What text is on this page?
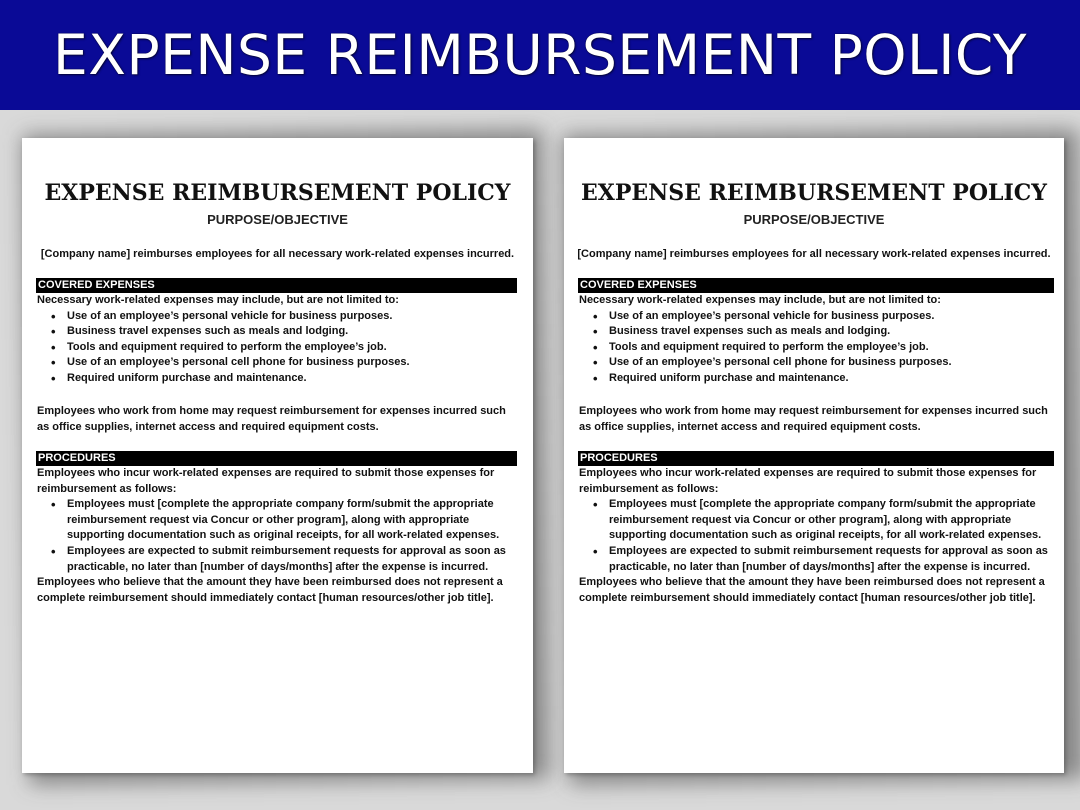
EXPENSE REIMBURSEMENT POLICY
EXPENSE REIMBURSEMENT POLICY
PURPOSE/OBJECTIVE
[Company name] reimburses employees for all necessary work-related expenses incurred.
COVERED EXPENSES

Necessary work-related expenses may include, but are not limited to:

• Use of an employee’s personal vehicle for business purposes.
• Business travel expenses such as meals and lodging.
• Tools and equipment required to perform the employee’s job.
• Use of an employee’s personal cell phone for business purposes.
• Required uniform purchase and maintenance.

Employees who work from home may request reimbursement for expenses incurred such

as office supplies, internet access and required equipment costs.

PROCEDURES

Employees who incur work-related expenses are required to submit those expenses for

reimbursement as follows:

• Employees must [complete the appropriate company form/submit the appropriate
reimbursement request via Concur or other program], along with appropriate
supporting documentation such as original receipts, for all work-related expenses.
• Employees are expected to submit reimbursement requests for approval as soon as
practicable, no later than [number of days/months] after the expense is incurred.

Employees who believe that the amount they have been reimbursed does not represent a

complete reimbursement should immediately contact [human resources/other job title].

EXPENSE REIMBURSEMENT POLICY
PURPOSE/OBJECTIVE
[Company name] reimburses employees for all necessary work-related expenses incurred.
COVERED EXPENSES

Necessary work-related expenses may include, but are not limited to:

• Use of an employee’s personal vehicle for business purposes.
• Business travel expenses such as meals and lodging.
• Tools and equipment required to perform the employee’s job.
• Use of an employee’s personal cell phone for business purposes.
• Required uniform purchase and maintenance.

Employees who work from home may request reimbursement for expenses incurred such

as office supplies, internet access and required equipment costs.

PROCEDURES

Employees who incur work-related expenses are required to submit those expenses for

reimbursement as follows:

• Employees must [complete the appropriate company form/submit the appropriate
reimbursement request via Concur or other program], along with appropriate
supporting documentation such as original receipts, for all work-related expenses.
• Employees are expected to submit reimbursement requests for approval as soon as
practicable, no later than [number of days/months] after the expense is incurred.

Employees who believe that the amount they have been reimbursed does not represent a

complete reimbursement should immediately contact [human resources/other job title].
